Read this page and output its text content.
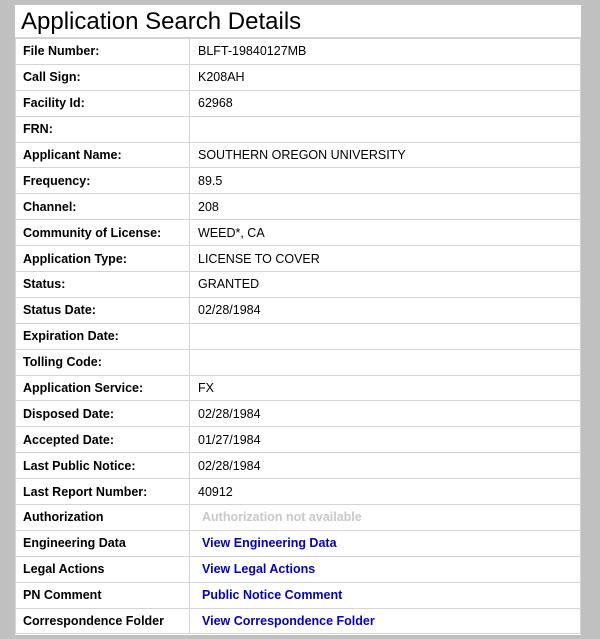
Application Search Details
File Number:	BLFT-19840127MB
Call Sign:	K208AH
Facility Id:	62968
FRN:	
Applicant Name:	SOUTHERN OREGON UNIVERSITY
Frequency:	89.5
Channel:	208
Community of License:	WEED*, CA
Application Type:	LICENSE TO COVER
Status:	GRANTED
Status Date:	02/28/1984
Expiration Date:	
Tolling Code:	
Application Service:	FX
Disposed Date:	02/28/1984
Accepted Date:	01/27/1984
Last Public Notice:	02/28/1984
Last Report Number:	40912
Authorization	Authorization not available
Engineering Data	View Engineering Data
Legal Actions	View Legal Actions
PN Comment	Public Notice Comment
Correspondence Folder	View Correspondence Folder
